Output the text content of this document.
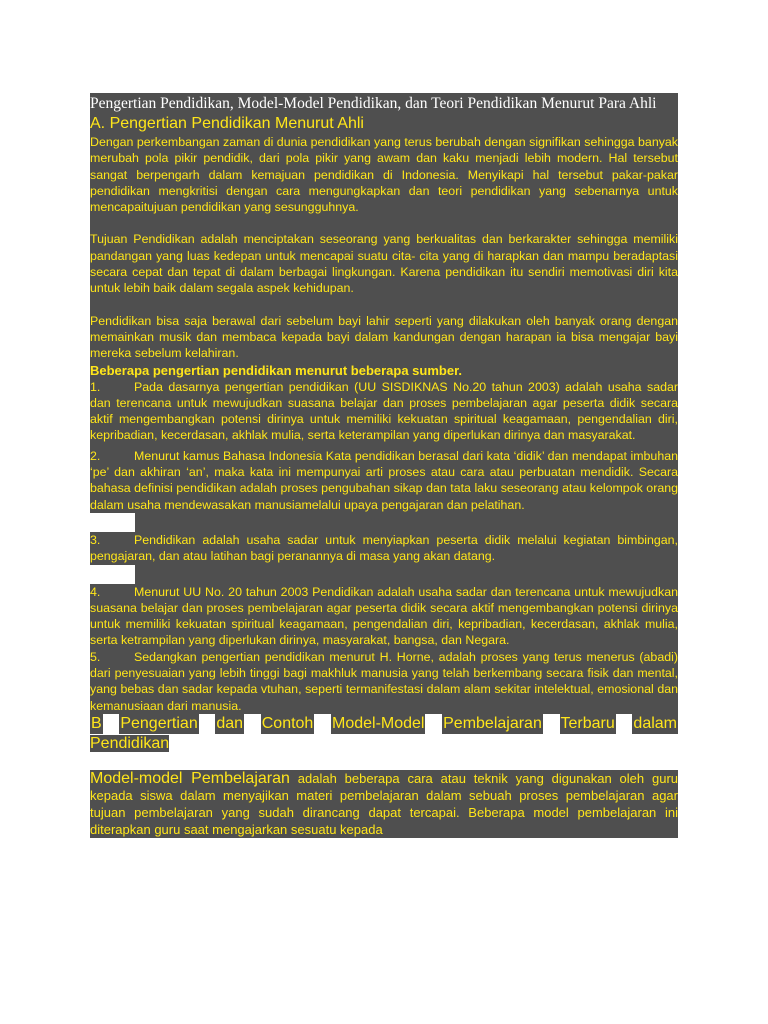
Pengertian Pendidikan, Model-Model Pendidikan, dan Teori Pendidikan Menurut Para Ahli
A. Pengertian Pendidikan Menurut Ahli

Dengan perkembangan zaman di dunia pendidikan yang terus berubah dengan signifikan sehingga banyak merubah pola pikir pendidik, dari pola pikir yang awam dan kaku menjadi lebih modern. Hal tersebut sangat berpengarh dalam kemajuan pendidikan di Indonesia. Menyikapi hal tersebut pakar-pakar pendidikan mengkritisi dengan cara mengungkapkan dan teori pendidikan yang sebenarnya untuk mencapaitujuan pendidikan yang sesungguhnya.

Tujuan Pendidikan adalah menciptakan seseorang yang berkualitas dan berkarakter sehingga memiliki pandangan yang luas kedepan untuk mencapai suatu cita- cita yang di harapkan dan mampu beradaptasi secara cepat dan tepat di dalam berbagai lingkungan. Karena pendidikan itu sendiri memotivasi diri kita untuk lebih baik dalam segala aspek kehidupan.

Pendidikan bisa saja berawal dari sebelum bayi lahir seperti yang dilakukan oleh banyak orang dengan memainkan musik dan membaca kepada bayi dalam kandungan dengan harapan ia bisa mengajar bayi mereka sebelum kelahiran.

Beberapa pengertian pendidikan menurut beberapa sumber.

1.	Pada dasarnya pengertian pendidikan (UU SISDIKNAS No.20 tahun 2003) adalah usaha sadar dan terencana untuk mewujudkan suasana belajar dan proses pembelajaran agar peserta didik secara aktif mengembangkan potensi dirinya untuk memiliki kekuatan spiritual keagamaan, pengendalian diri, kepribadian, kecerdasan, akhlak mulia, serta keterampilan yang diperlukan dirinya dan masyarakat.

2.	Menurut kamus Bahasa Indonesia Kata pendidikan berasal dari kata ‘didik’ dan mendapat imbuhan ‘pe’ dan akhiran ‘an’, maka kata ini mempunyai arti proses atau cara atau perbuatan mendidik. Secara bahasa definisi pendidikan adalah proses pengubahan sikap dan tata laku seseorang atau kelompok orang dalam usaha mendewasakan manusiamelalui upaya pengajaran dan pelatihan.

3.	Pendidikan adalah usaha sadar untuk menyiapkan peserta didik melalui kegiatan bimbingan, pengajaran, dan atau latihan bagi peranannya di masa yang akan datang.

4.	Menurut UU No. 20 tahun 2003 Pendidikan adalah usaha sadar dan terencana untuk mewujudkan suasana belajar dan proses pembelajaran agar peserta didik secara aktif mengembangkan potensi dirinya untuk memiliki kekuatan spiritual keagamaan, pengendalian diri, kepribadian, kecerdasan, akhlak mulia, serta ketrampilan yang diperlukan dirinya, masyarakat, bangsa, dan Negara.

5.	Sedangkan pengertian pendidikan menurut H. Horne, adalah proses yang terus menerus (abadi) dari penyesuaian yang lebih tinggi bagi makhluk manusia yang telah berkembang secara fisik dan mental, yang bebas dan sadar kepada vtuhan, seperti termanifestasi dalam alam sekitar intelektual, emosional dan kemanusiaan dari manusia.

B Pengertian dan Contoh Model-Model Pembelajaran Terbaru dalam
Pendidikan

Model-model Pembelajaran adalah beberapa cara atau teknik yang digunakan oleh guru kepada siswa dalam menyajikan materi pembelajaran dalam sebuah proses pembelajaran agar tujuan pembelajaran yang sudah dirancang dapat tercapai. Beberapa model pembelajaran ini diterapkan guru saat mengajarkan sesuatu kepada
